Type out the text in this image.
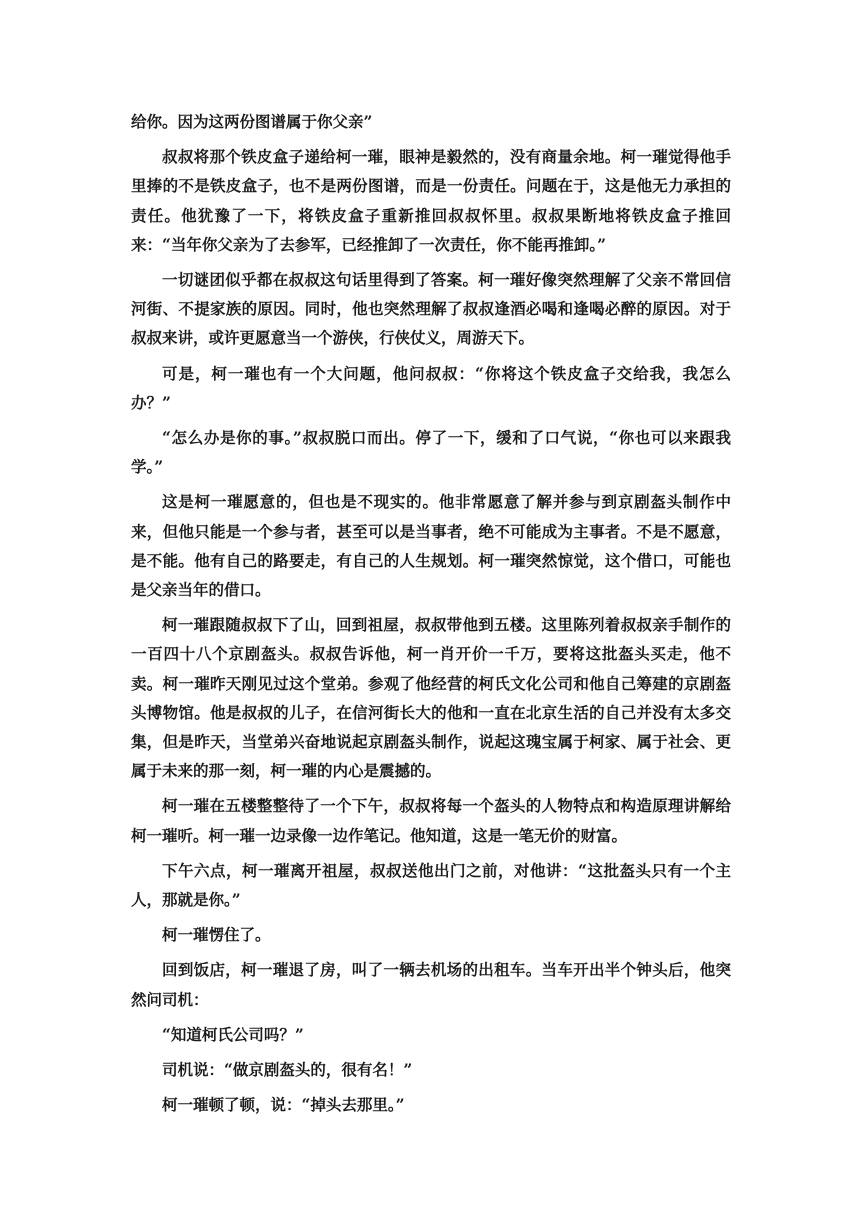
给你。因为这两份图谱属于你父亲”

叔叔将那个铁皮盒子递给柯一璀，眼神是毅然的，没有商量余地。柯一璀觉得他手里捧的不是铁皮盒子，也不是两份图谱，而是一份责任。问题在于，这是他无力承担的责任。他犹豫了一下，将铁皮盒子重新推回叔叔怀里。叔叔果断地将铁皮盒子推回来：“当年你父亲为了去参军，已经推卸了一次责任，你不能再推卸。”

一切谜团似乎都在叔叔这句话里得到了答案。柯一璀好像突然理解了父亲不常回信河街、不提家族的原因。同时，他也突然理解了叔叔逢酒必喝和逢喝必醉的原因。对于叔叔来讲，或许更愿意当一个游侠，行侠仗义，周游天下。

可是，柯一璀也有一个大问题，他问叔叔：“你将这个铁皮盒子交给我，我怎么办？”

“怎么办是你的事。”叔叔脱口而出。停了一下，缓和了口气说，“你也可以来跟我学。”

这是柯一璀愿意的，但也是不现实的。他非常愿意了解并参与到京剧盔头制作中来，但他只能是一个参与者，甚至可以是当事者，绝不可能成为主事者。不是不愿意，是不能。他有自己的路要走，有自己的人生规划。柯一璀突然惊觉，这个借口，可能也是父亲当年的借口。

柯一璀跟随叔叔下了山，回到祖屋，叔叔带他到五楼。这里陈列着叔叔亲手制作的一百四十八个京剧盔头。叔叔告诉他，柯一肖开价一千万，要将这批盔头买走，他不卖。柯一璀昨天刚见过这个堂弟。参观了他经营的柯氏文化公司和他自己筹建的京剧盔头博物馆。他是叔叔的儿子，在信河街长大的他和一直在北京生活的自己并没有太多交集，但是昨天，当堂弟兴奋地说起京剧盔头制作，说起这瑰宝属于柯家、属于社会、更属于未来的那一刻，柯一璀的内心是震撼的。

柯一璀在五楼整整待了一个下午，叔叔将每一个盔头的人物特点和构造原理讲解给柯一璀听。柯一璀一边录像一边作笔记。他知道，这是一笔无价的财富。

下午六点，柯一璀离开祖屋，叔叔送他出门之前，对他讲：“这批盔头只有一个主人，那就是你。”

柯一璀愣住了。

回到饭店，柯一璀退了房，叫了一辆去机场的出租车。当车开出半个钟头后，他突然问司机：

“知道柯氏公司吗？”

司机说：“做京剧盔头的，很有名！”

柯一璀顿了顿，说：“掉头去那里。”
